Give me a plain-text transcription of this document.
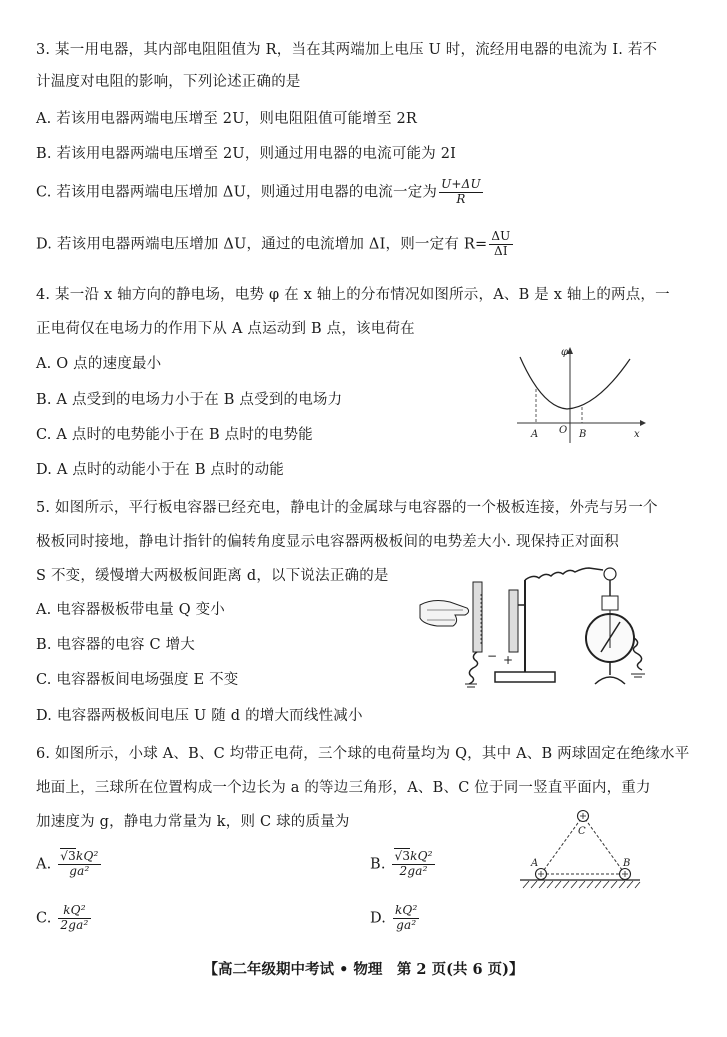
3. 某一用电器，其内部电阻阻值为 R，当在其两端加上电压 U 时，流经用电器的电流为 I. 若不
计温度对电阻的影响，下列论述正确的是
A. 若该用电器两端电压增至 2U，则电阻阻值可能增至 2R
B. 若该用电器两端电压增至 2U，则通过用电器的电流可能为 2I
C. 若该用电器两端电压增加 ΔU，则通过用电器的电流一定为 $\frac{U+\Delta U}{R}$
D. 若该用电器两端电压增加 ΔU，通过的电流增加 ΔI，则一定有 $R= \frac{\Delta U}{\Delta I}$
4. 某一沿 x 轴方向的静电场，电势 φ 在 x 轴上的分布情况如图所示，A、B 是 x 轴上的两点，一
正电荷仅在电场力的作用下从 A 点运动到 B 点，该电荷在
A. O 点的速度最小
B. A 点受到的电场力小于在 B 点受到的电场力
C. A 点时的电势能小于在 B 点时的电势能
D. A 点时的动能小于在 B 点时的动能
φ
x
A O B
5. 如图所示，平行板电容器已经充电，静电计的金属球与电容器的一个极板连接，外壳与另一个
极板同时接地，静电计指针的偏转角度显示电容器两极板间的电势差大小. 现保持正对面积
S 不变，缓慢增大两极板间距离 d，以下说法正确的是
A. 电容器极板带电量 Q 变小
B. 电容器的电容 C 增大
C. 电容器板间电场强度 E 不变
D. 电容器两极板间电压 U 随 d 的增大而线性减小
− +
6. 如图所示，小球 A、B、C 均带正电荷，三个球的电荷量均为 Q，其中 A、B 两球固定在绝缘水平
地面上，三球所在位置构成一个边长为 a 的等边三角形，A、B、C 位于同一竖直平面内，重力
加速度为 g，静电力常量为 k，则 C 球的质量为
A. $\frac{\text{√3kQ²}}{\text{ga²}}$	B. $\frac{\text{√3kQ²}}{\text{2ga²}}$
C. $\frac{\text{kQ²}}{\text{2ga²}}$	D. $\frac{\text{kQ²}}{\text{ga²}}$
C
A	B
【高二年级期中考试 • 物理　第 2 页(共 6 页)】
